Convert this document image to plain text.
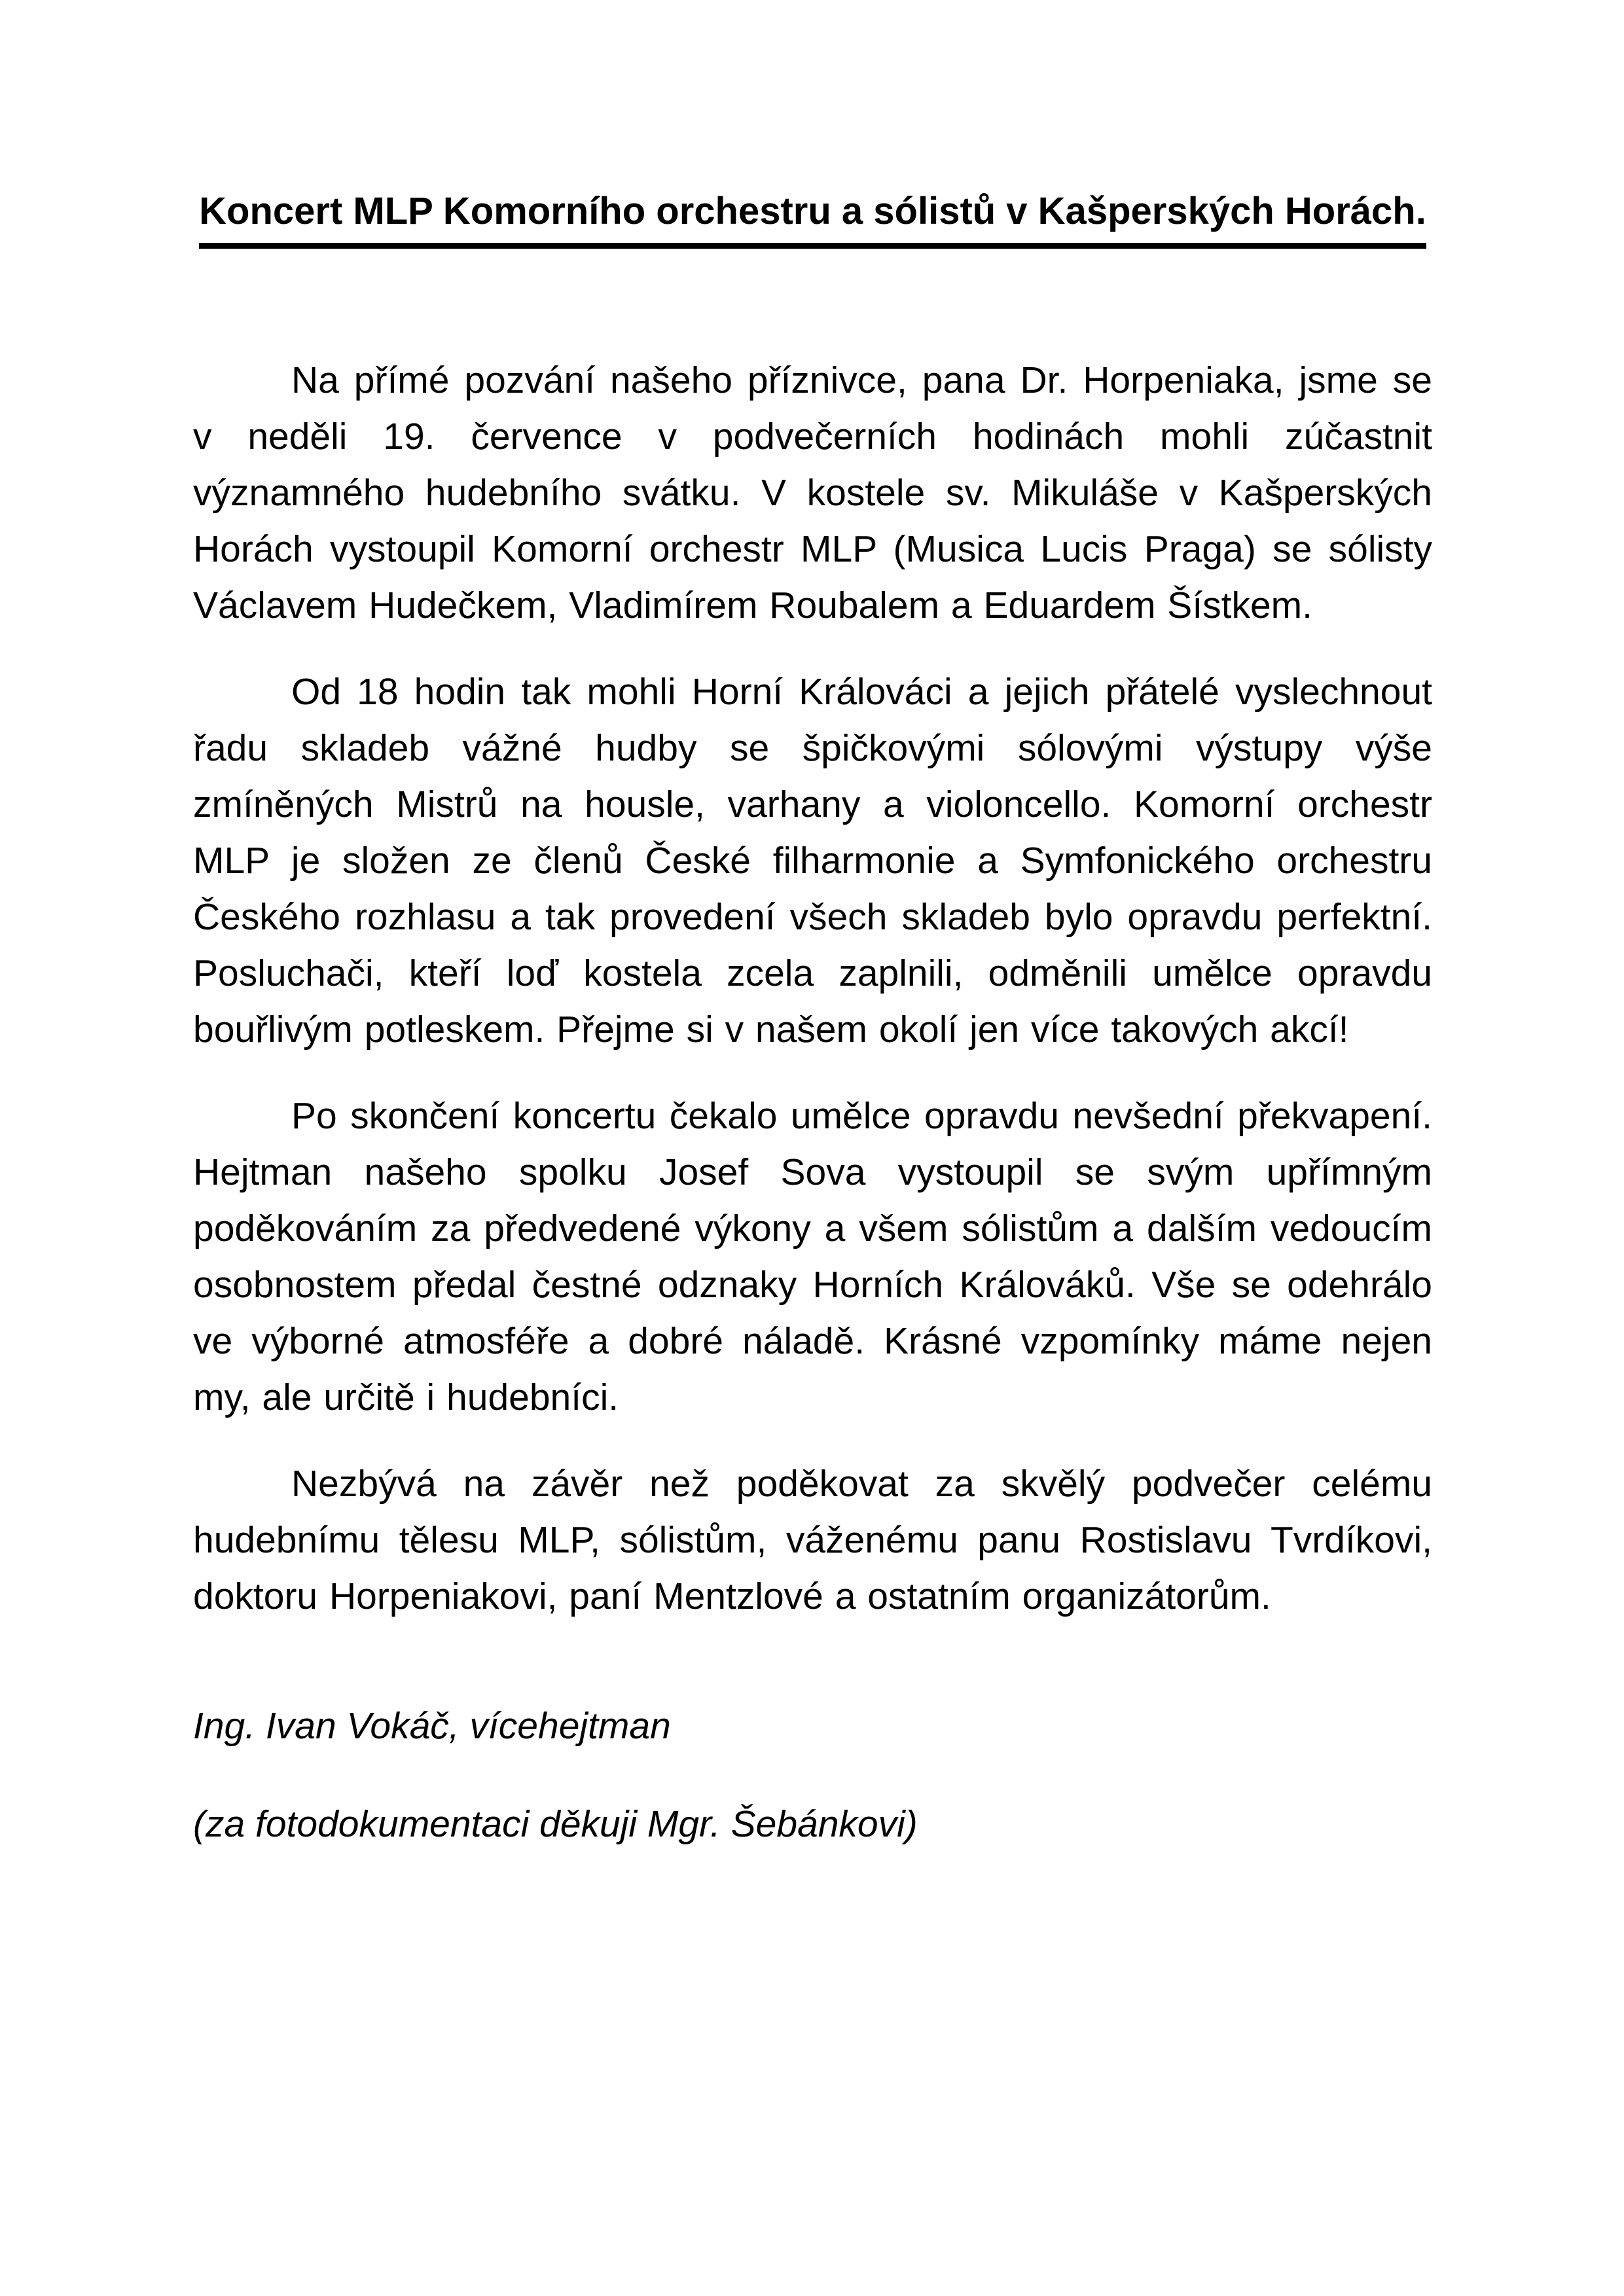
Koncert MLP Komorního orchestru a sólistů v Kašperských Horách.

Na přímé pozvání našeho příznivce, pana Dr. Horpeniaka, jsme se v neděli 19. července v podvečerních hodinách mohli zúčastnit významného hudebního svátku. V kostele sv. Mikuláše v Kašperských Horách vystoupil Komorní orchestr MLP (Musica Lucis Praga) se sólisty Václavem Hudečkem, Vladimírem Roubalem a Eduardem Šístkem.

Od 18 hodin tak mohli Horní Králováci a jejich přátelé vyslechnout řadu skladeb vážné hudby se špičkovými sólovými výstupy výše zmíněných Mistrů na housle, varhany a violoncello. Komorní orchestr MLP je složen ze členů České filharmonie a Symfonického orchestru Českého rozhlasu a tak provedení všech skladeb bylo opravdu perfektní. Posluchači, kteří loď kostela zcela zaplnili, odměnili umělce opravdu bouřlivým potleskem. Přejme si v našem okolí jen více takových akcí!

Po skončení koncertu čekalo umělce opravdu nevšední překvapení. Hejtman našeho spolku Josef Sova vystoupil se svým upřímným poděkováním za předvedené výkony a všem sólistům a dalším vedoucím osobnostem předal čestné odznaky Horních Králováků. Vše se odehrálo ve výborné atmosféře a dobré náladě. Krásné vzpomínky máme nejen my, ale určitě i hudebníci.

Nezbývá na závěr než poděkovat za skvělý podvečer celému hudebnímu tělesu MLP, sólistům, váženému panu Rostislavu Tvrdíkovi, doktoru Horpeniakovi, paní Mentzlové a ostatním organizátorům.

Ing. Ivan Vokáč, vícehejtman

(za fotodokumentaci děkuji Mgr. Šebánkovi)
